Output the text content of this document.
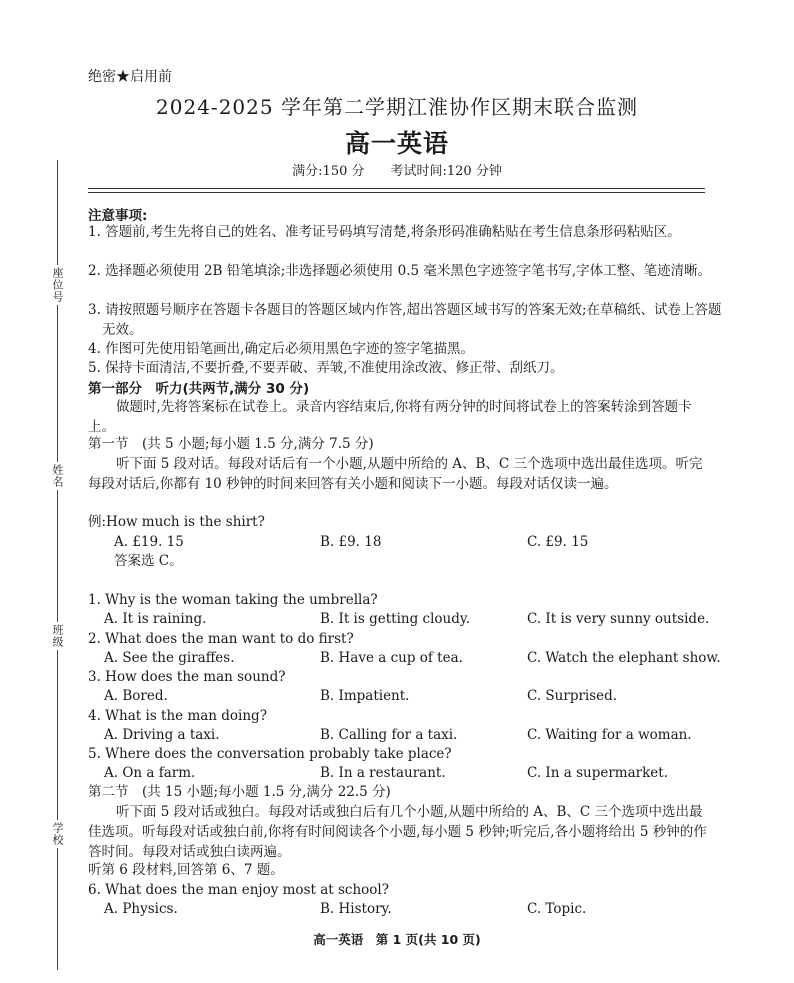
座位号
姓名
班级
学校
绝密★启用前
2024-2025 学年第二学期江淮协作区期末联合监测
高一英语
满分:150 分　　考试时间:120 分钟
注意事项:
1. 答题前,考生先将自己的姓名、准考证号码填写清楚,将条形码准确粘贴在考生信息条形码粘贴区。
2. 选择题必须使用 2B 铅笔填涂;非选择题必须使用 0.5 毫米黑色字迹签字笔书写,字体工整、笔迹清晰。
3. 请按照题号顺序在答题卡各题目的答题区域内作答,超出答题区域书写的答案无效;在草稿纸、试卷上答题无效。
4. 作图可先使用铅笔画出,确定后必须用黑色字迹的签字笔描黑。
5. 保持卡面清洁,不要折叠,不要弄破、弄皱,不准使用涂改液、修正带、刮纸刀。
第一部分　听力(共两节,满分 30 分)
做题时,先将答案标在试卷上。录音内容结束后,你将有两分钟的时间将试卷上的答案转涂到答题卡上。
第一节　(共 5 小题;每小题 1.5 分,满分 7.5 分)
听下面 5 段对话。每段对话后有一个小题,从题中所给的 A、B、C 三个选项中选出最佳选项。听完每段对话后,你都有 10 秒钟的时间来回答有关小题和阅读下一小题。每段对话仅读一遍。
例:How much is the shirt?
A. £19. 15	B. £9. 18	C. £9. 15
答案选 C。
1. Why is the woman taking the umbrella?
A. It is raining.	B. It is getting cloudy.	C. It is very sunny outside.
2. What does the man want to do first?
A. See the giraffes.	B. Have a cup of tea.	C. Watch the elephant show.
3. How does the man sound?
A. Bored.	B. Impatient.	C. Surprised.
4. What is the man doing?
A. Driving a taxi.	B. Calling for a taxi.	C. Waiting for a woman.
5. Where does the conversation probably take place?
A. On a farm.	B. In a restaurant.	C. In a supermarket.
第二节　(共 15 小题;每小题 1.5 分,满分 22.5 分)
听下面 5 段对话或独白。每段对话或独白后有几个小题,从题中所给的 A、B、C 三个选项中选出最佳选项。听每段对话或独白前,你将有时间阅读各个小题,每小题 5 秒钟;听完后,各小题将给出 5 秒钟的作答时间。每段对话或独白读两遍。
听第 6 段材料,回答第 6、7 题。
6. What does the man enjoy most at school?
A. Physics.	B. History.	C. Topic.
高一英语　第 1 页(共 10 页)
